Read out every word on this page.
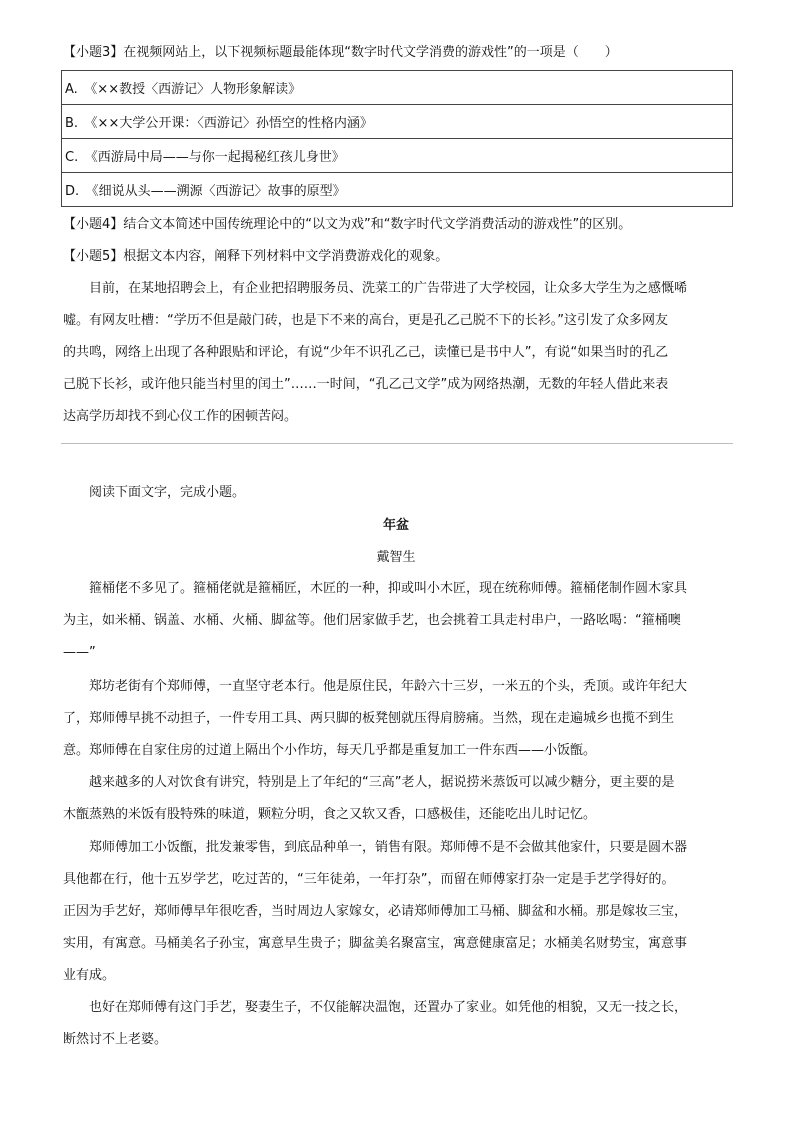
【小题3】在视频网站上，以下视频标题最能体现“数字时代文学消费的游戏性”的一项是（　　）
A.　《××教授〈西游记〉人物形象解读》
B.　《××大学公开课：〈西游记〉孙悟空的性格内涵》
C.　《西游局中局——与你一起揭秘红孩儿身世》
D.　《细说从头——溯源〈西游记〉故事的原型》
【小题4】结合文本简述中国传统理论中的“以文为戏”和“数字时代文学消费活动的游戏性”的区别。
【小题5】根据文本内容，阐释下列材料中文学消费游戏化的观象。
目前，在某地招聘会上，有企业把招聘服务员、洗菜工的广告带进了大学校园，让众多大学生为之感慨唏
嘘。有网友吐槽：“学历不但是敲门砖，也是下不来的高台，更是孔乙己脱不下的长衫。”这引发了众多网友
的共鸣，网络上出现了各种跟贴和评论，有说“少年不识孔乙己，读懂已是书中人”，有说“如果当时的孔乙
己脱下长衫，或许他只能当村里的闰土”……一时间，“孔乙己文学”成为网络热潮，无数的年轻人借此来表
达高学历却找不到心仪工作的困顿苦闷。
阅读下面文字，完成小题。
年盆
戴智生
箍桶佬不多见了。箍桶佬就是箍桶匠，木匠的一种，抑或叫小木匠，现在统称师傅。箍桶佬制作圆木家具
为主，如米桶、锅盖、水桶、火桶、脚盆等。他们居家做手艺，也会挑着工具走村串户，一路吆喝：“箍桶噢
——”
郑坊老街有个郑师傅，一直坚守老本行。他是原住民，年龄六十三岁，一米五的个头，秃顶。或许年纪大
了，郑师傅早挑不动担子，一件专用工具、两只脚的板凳刨就压得肩膀痛。当然，现在走遍城乡也揽不到生
意。郑师傅在自家住房的过道上隔出个小作坊，每天几乎都是重复加工一件东西——小饭甑。
越来越多的人对饮食有讲究，特别是上了年纪的“三高”老人，据说捞米蒸饭可以减少糖分，更主要的是
木甑蒸熟的米饭有股特殊的味道，颗粒分明，食之又软又香，口感极佳，还能吃出儿时记忆。
郑师傅加工小饭甑，批发兼零售，到底品种单一，销售有限。郑师傅不是不会做其他家什，只要是圆木器
具他都在行，他十五岁学艺，吃过苦的，“三年徒弟，一年打杂”，而留在师傅家打杂一定是手艺学得好的。
正因为手艺好，郑师傅早年很吃香，当时周边人家嫁女，必请郑师傅加工马桶、脚盆和水桶。那是嫁妆三宝，
实用，有寓意。马桶美名子孙宝，寓意早生贵子；脚盆美名聚富宝，寓意健康富足；水桶美名财势宝，寓意事
业有成。
也好在郑师傅有这门手艺，娶妻生子，不仅能解决温饱，还置办了家业。如凭他的相貌，又无一技之长，
断然讨不上老婆。
